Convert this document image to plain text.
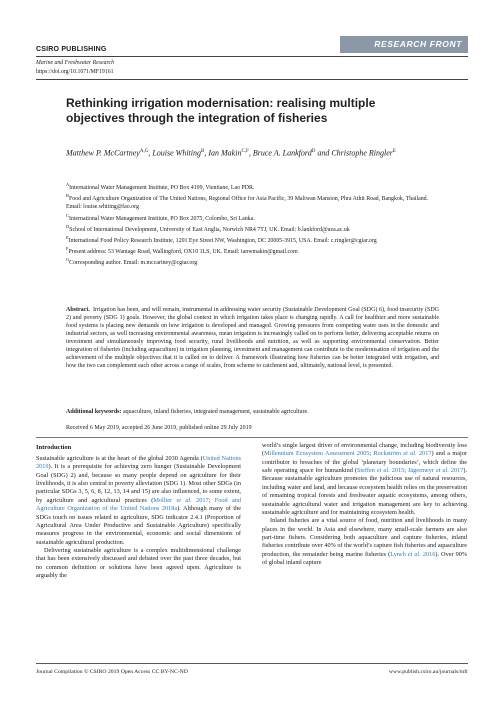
CSIRO PUBLISHING
RESEARCH FRONT
Marine and Freshwater Research
https://doi.org/10.1071/MF19161
Rethinking irrigation modernisation: realising multiple objectives through the integration of fisheries
Matthew P. McCartney$^{A,G}$, Louise Whiting$^B$, Ian Makin$^{C,F}$, Bruce A. Lankford$^D$ and Christophe Ringler$^E$
$^A$International Water Management Institute, PO Box 4199, Vientiane, Lao PDR.
$^B$Food and Agriculture Organization of The United Nations, Regional Office for Asia Pacific, 39 Maliwan Mansion, Phra Athit Road, Bangkok, Thailand. Email: louise.whiting@fao.org
$^C$International Water Management Institute, PO Box 2075, Colombo, Sri Lanka.
$^D$School of International Development, University of East Anglia, Norwich NR4 7TJ, UK. Email: b.lankford@uea.ac.uk
$^E$International Food Policy Research Institute, 1201 Eye Street NW, Washington, DC 20005-3915, USA. Email: c.ringler@cgiar.org
$^F$Present address: 53 Wantage Road, Wallingford, OX10 1LS, UK. Email: ianwmakin@gmail.com
$^G$Corresponding author. Email: m.mccartney@cgiar.org
Abstract. Irrigation has been, and will remain, instrumental in addressing water security (Sustainable Development Goal (SDG) 6), food insecurity (SDG 2) and poverty (SDG 1) goals. However, the global context in which irrigation takes place is changing rapidly. A call for healthier and more sustainable food systems is placing new demands on how irrigation is developed and managed. Growing pressures from competing water uses in the domestic and industrial sectors, as well increasing environmental awareness, mean irrigation is increasingly called on to perform better, delivering acceptable returns on investment and simultaneously improving food security, rural livelihoods and nutrition, as well as supporting environmental conservation. Better integration of fisheries (including aquaculture) in irrigation planning, investment and management can contribute to the modernisation of irrigation and the achievement of the multiple objectives that it is called on to deliver. A framework illustrating how fisheries can be better integrated with irrigation, and how the two can complement each other across a range of scales, from scheme to catchment and, ultimately, national level, is presented.
Additional keywords: aquaculture, inland fisheries, integrated management, sustainable agriculture.
Received 6 May 2019, accepted 26 June 2019, published online 29 July 2019
Introduction

Sustainable agriculture is at the heart of the global 2030 Agenda (United Nations 2019). It is a prerequisite for achieving zero hunger (Sustainable Development Goal (SDG) 2) and, because so many people depend on agriculture for their livelihoods, it is also central to poverty alleviation (SDG 1). Most other SDGs (in particular SDGs 3, 5, 6, 8, 12, 13, 14 and 15) are also influenced, to some extent, by agriculture and agricultural practices (Mollier et al. 2017; Food and Agriculture Organization of the United Nations 2018a). Although many of the SDGs touch on issues related to agriculture, SDG indicator 2.4.1 (Proportion of Agricultural Area Under Productive and Sustainable Agriculture) specifically measures progress in the environmental, economic and social dimensions of sustainable agricultural production.

Delivering sustainable agriculture is a complex multidimensional challenge that has been extensively discussed and debated over the past three decades, but no common definition or solutions have been agreed upon. Agriculture is arguably the

world’s single largest driver of environmental change, including biodiversity loss (Millennium Ecosystem Assessment 2005; Rockström et al. 2017) and a major contributor to breaches of the global ‘planetary boundaries’, which define the safe operating space for humankind (Steffen et al. 2015; Jägermeyr et al. 2017). Because sustainable agriculture promotes the judicious use of natural resources, including water and land, and because ecosystem health relies on the preservation of remaining tropical forests and freshwater aquatic ecosystems, among others, sustainable agricultural water and irrigation management are key to achieving sustainable agriculture and for maintaining ecosystem health.

Inland fisheries are a vital source of food, nutrition and livelihoods in many places in the world. In Asia and elsewhere, many small-scale farmers are also part-time fishers. Considering both aquaculture and capture fisheries, inland fisheries contribute over 40% of the world’s capture fish fisheries and aquaculture production, the remainder being marine fisheries (Lynch et al. 2016). Over 90% of global inland capture

Journal Compilation © CSIRO 2019 Open Access CC BY-NC-ND	www.publish.csiro.au/journals/mfr
